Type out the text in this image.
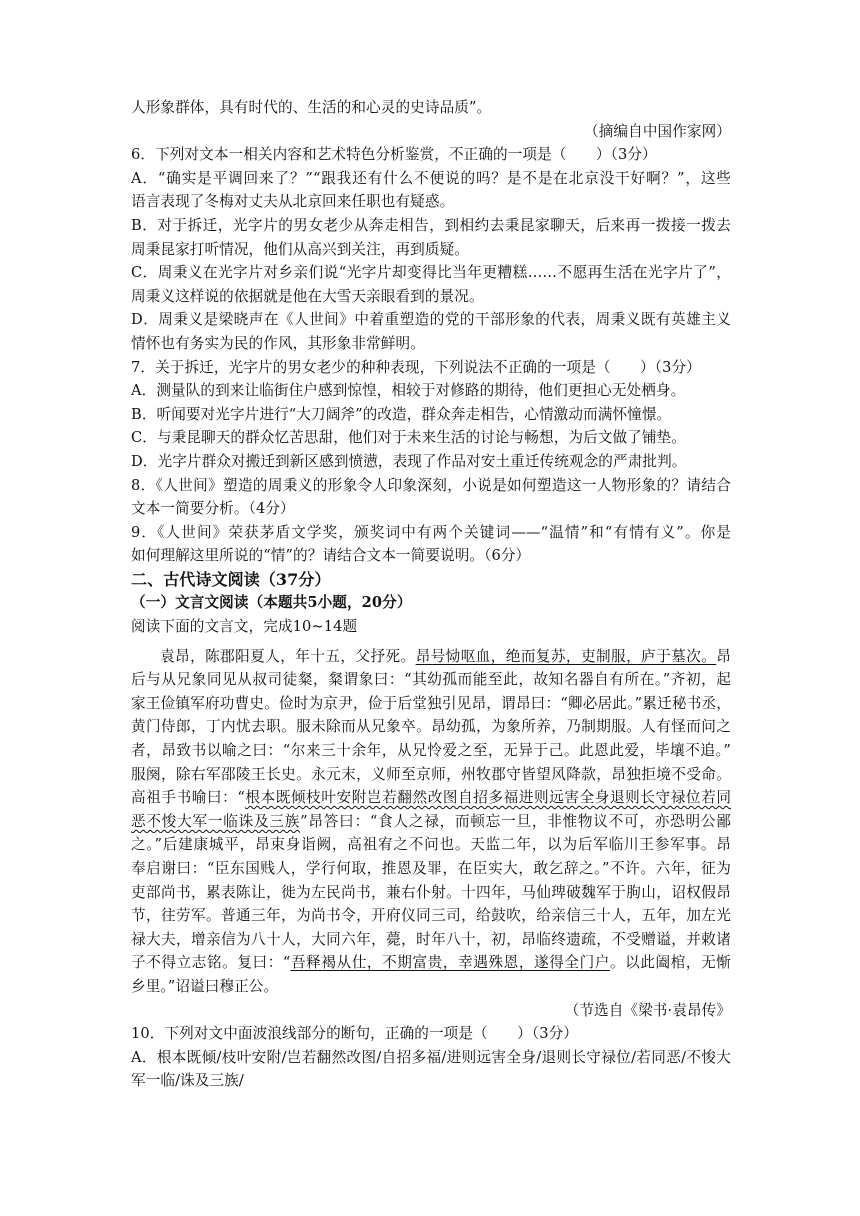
人形象群体，具有时代的、生活的和心灵的史诗品质”。
（摘编自中国作家网）
6．下列对文本一相关内容和艺术特色分析鉴赏，不正确的一项是（　　）（3分）
A．“确实是平调回来了？”“跟我还有什么不便说的吗？是不是在北京没干好啊？”，这些
语言表现了冬梅对丈夫从北京回来任职也有疑惑。
B．对于拆迁，光字片的男女老少从奔走相告，到相约去秉昆家聊天，后来再一拨接一拨去
周秉昆家打听情况，他们从高兴到关注，再到质疑。
C．周秉义在光字片对乡亲们说“光字片却变得比当年更糟糕……不愿再生活在光字片了”，
周秉义这样说的依据就是他在大雪天亲眼看到的景况。
D．周秉义是梁晓声在《人世间》中着重塑造的党的干部形象的代表，周秉义既有英雄主义
情怀也有务实为民的作风，其形象非常鲜明。
7．关于拆迁，光字片的男女老少的种种表现，下列说法不正确的一项是（　　）（3分）
A．测量队的到来让临街住户感到惊惶，相较于对修路的期待，他们更担心无处栖身。
B．听闻要对光字片进行“大刀阔斧”的改造，群众奔走相告，心情激动而满怀憧憬。
C．与秉昆聊天的群众忆苦思甜，他们对于未来生活的讨论与畅想，为后文做了铺垫。
D．光字片群众对搬迁到新区感到愤懑，表现了作品对安土重迁传统观念的严肃批判。
8．《人世间》塑造的周秉义的形象令人印象深刻，小说是如何塑造这一人物形象的？请结合
文本一简要分析。（4分）
9．《人世间》荣获茅盾文学奖，颁奖词中有两个关键词——“温情”和“有情有义”。你是
如何理解这里所说的“情”的？请结合文本一简要说明。（6分）
二、古代诗文阅读（37分）
（一）文言文阅读（本题共5小题，20分）
阅读下面的文言文，完成10~14题
袁昂，陈郡阳夏人，年十五，父抒死。昂号恸呕血，绝而复苏，吏制服，庐于墓次。昂
后与从兄象同见从叔司徒粲，粲谓象曰：“其幼孤而能至此，故知名器自有所在。”齐初，起
家王俭镇军府功曹史。俭时为京尹，俭于后堂独引见昂，谓昂曰：“卿必居此。”累迁秘书丞，
黄门侍郎，丁内忧去职。服未除而从兄象卒。昂幼孤，为象所养，乃制期服。人有怪而问之
者，昂致书以喻之曰：“尔来三十余年，从兄怜爱之至，无异于己。此恩此爱，毕壤不追。”
服阕，除右军邵陵王长史。永元末，义师至京师，州牧郡守皆望风降款，昂独拒境不受命。
高祖手书喻曰：“根本既倾枝叶安附岂若翻然改图自招多福进则远害全身退则长守禄位若同
恶不悛大军一临诛及三族”昂答曰：“食人之禄，而顿忘一旦，非惟物议不可，亦恐明公鄙
之。”后建康城平，昂束身诣阙，高祖宥之不问也。天监二年，以为后军临川王参军事。昂
奉启谢曰：“臣东国贱人，学行何取，推恩及罪，在臣实大，敢乞辞之。”不许。六年，征为
吏部尚书，累表陈让，徙为左民尚书，兼右仆射。十四年，马仙琕破魏军于朐山，诏权假昂
节，往劳军。普通三年，为尚书令，开府仪同三司，给鼓吹，给亲信三十人，五年，加左光
禄大夫，增亲信为八十人，大同六年，薨，时年八十，初，昂临终遗疏，不受赠谥，并敕诸
子不得立志铭。复曰：“吾释褐从仕，不期富贵，幸遇殊恩，遂得全门户。以此阖棺，无惭
乡里。”诏谥曰穆正公。
（节选自《梁书·袁昂传》
10．下列对文中面波浪线部分的断句，正确的一项是（　　）（3分）
A．根本既倾/枝叶安附/岂若翻然改图/自招多福/进则远害全身/退则长守禄位/若同恶/不悛大
军一临/诛及三族/
